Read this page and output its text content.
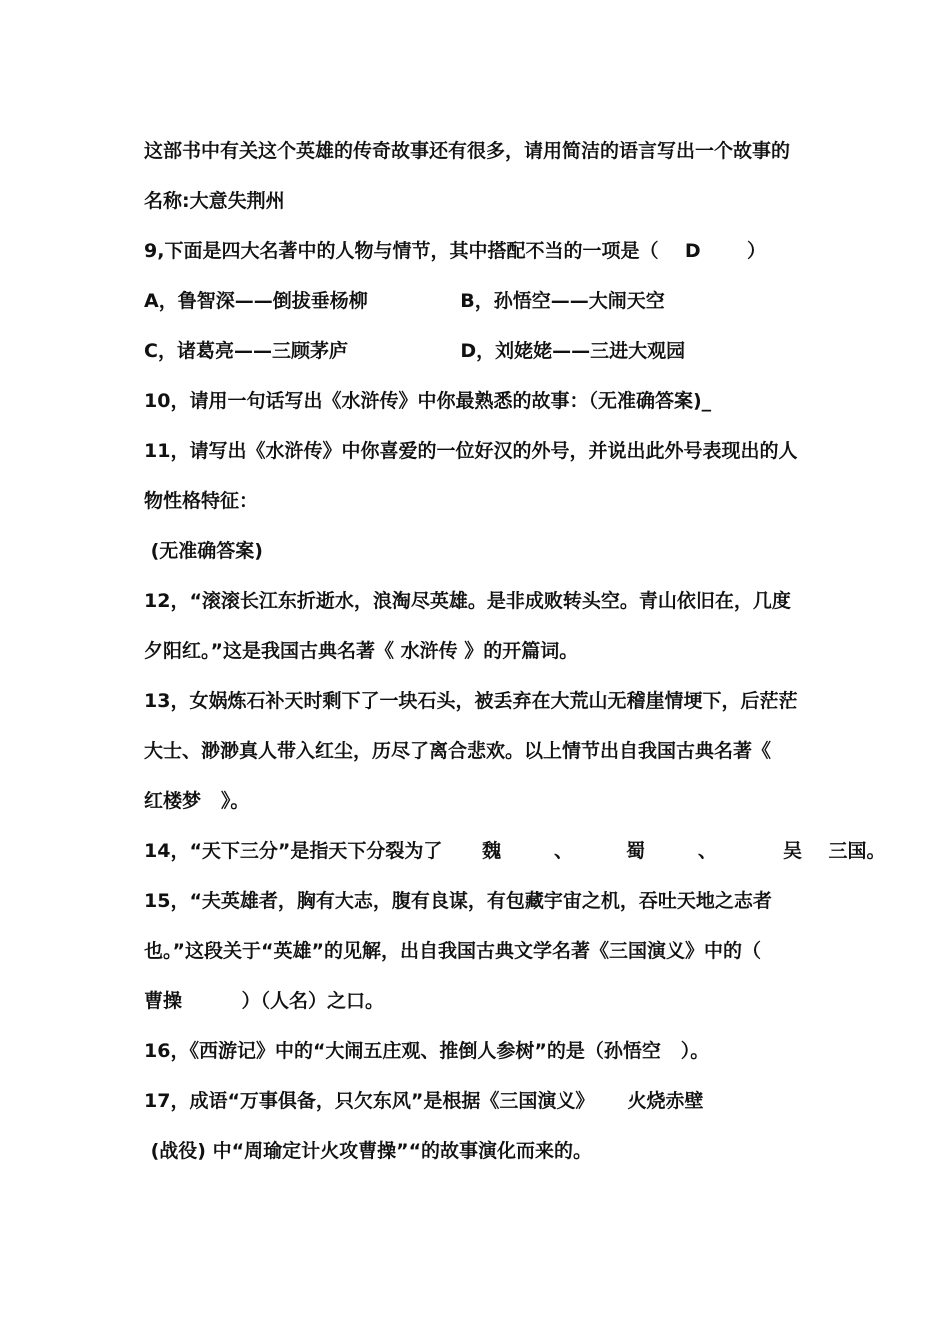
这部书中有关这个英雄的传奇故事还有很多，请用简洁的语言写出一个故事的
名称:大意失荆州
9,下面是四大名著中的人物与情节，其中搭配不当的一项是（    D       ）
A，鲁智深——倒拔垂杨柳              B，孙悟空——大闹天空
C，诸葛亮——三顾茅庐                 D，刘姥姥——三进大观园
10，请用一句话写出《水浒传》中你最熟悉的故事：（无准确答案)_
11，请写出《水浒传》中你喜爱的一位好汉的外号，并说出此外号表现出的人
物性格特征：
(无准确答案)
12，“滚滚长江东折逝水，浪淘尽英雄。是非成败转头空。青山依旧在，几度
夕阳红。”这是我国古典名著《 水浒传 》的开篇词。
13，女娲炼石补天时剩下了一块石头，被丢弃在大荒山无稽崖情埂下，后茫茫
大士、渺渺真人带入红尘，历尽了离合悲欢。以上情节出自我国古典名著《
红楼梦   》。
14，“天下三分”是指天下分裂为了      魏        、        蜀        、          吴    三国。
15，“夫英雄者，胸有大志，腹有良谋，有包藏宇宙之机，吞吐天地之志者
也。”这段关于“英雄”的见解，出自我国古典文学名著《三国演义》中的（
曹操         ）（人名）之口。
16，《西游记》中的“大闹五庄观、推倒人参树”的是（孙悟空   ）。
17，成语“万事俱备，只欠东风”是根据《三国演义》     火烧赤壁
(战役) 中“周瑜定计火攻曹操”“的故事演化而来的。
